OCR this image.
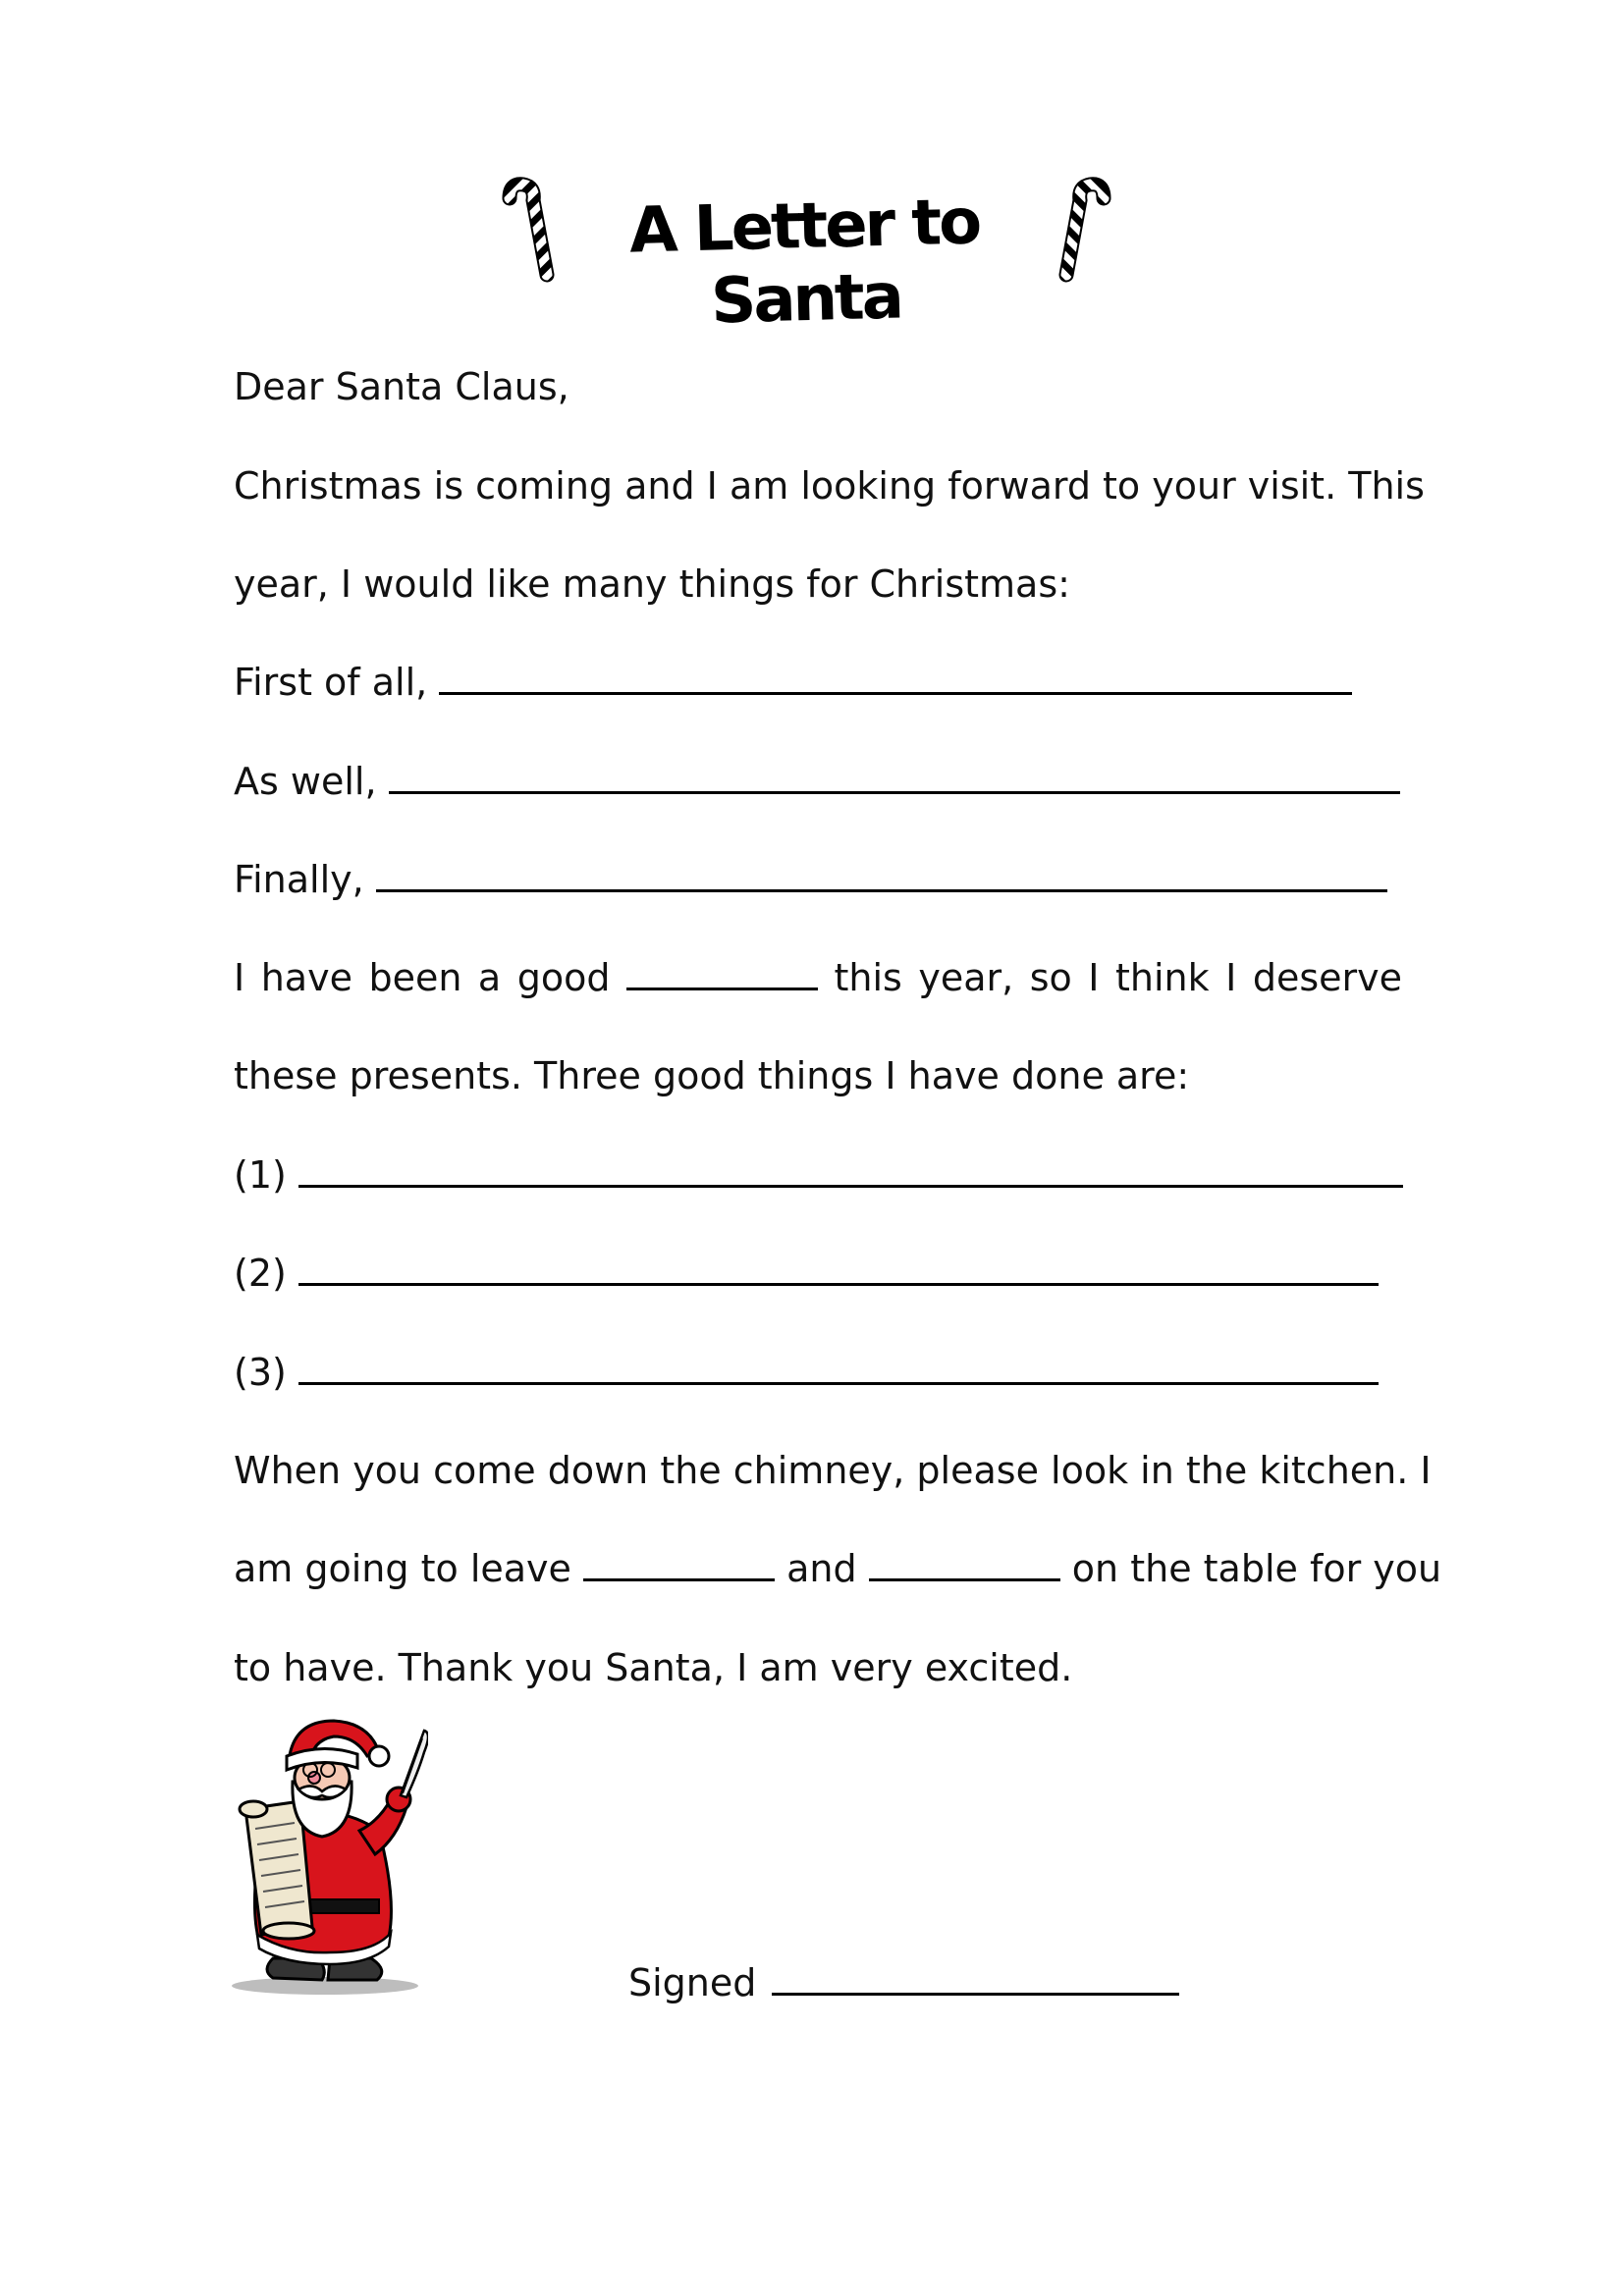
A Letter to Santa
Dear Santa Claus,
Christmas is coming and I am looking forward to your visit. This
year, I would like many things for Christmas:
First of all,
As well,
Finally,
I have been a good	this year, so I think I deserve
these presents. Three good things I have done are:
(1)
(2)
(3)
When you come down the chimney, please look in the kitchen. I
am going to leave	and	on the table for you
to have. Thank you Santa, I am very excited.
Signed
